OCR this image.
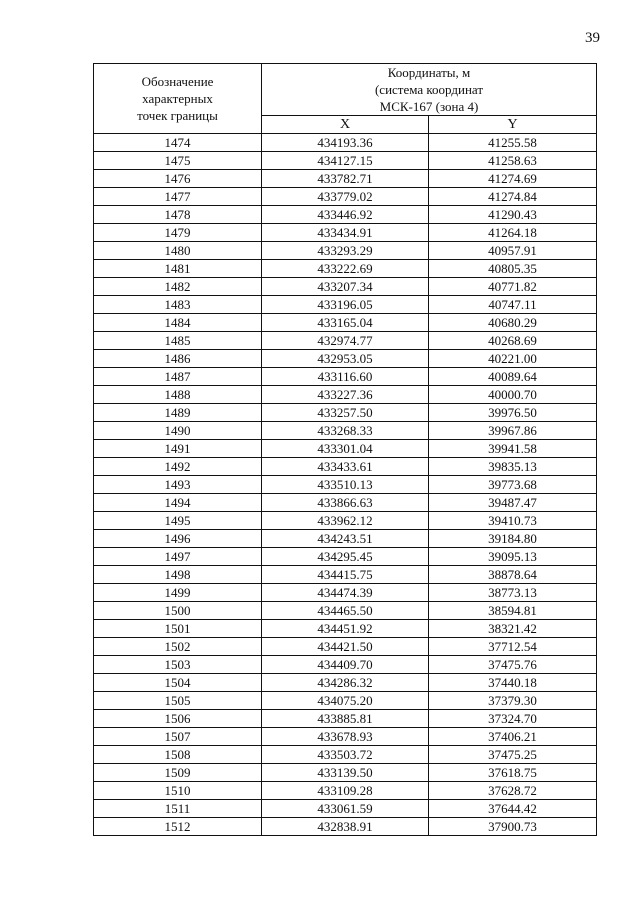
39
Обозначение
характерных
точек границы	Координаты, м
(система координат
МСК-167 (зона 4)	

	X	Y
1474	434193.36	41255.58
1475	434127.15	41258.63
1476	433782.71	41274.69
1477	433779.02	41274.84
1478	433446.92	41290.43
1479	433434.91	41264.18
1480	433293.29	40957.91
1481	433222.69	40805.35
1482	433207.34	40771.82
1483	433196.05	40747.11
1484	433165.04	40680.29
1485	432974.77	40268.69
1486	432953.05	40221.00
1487	433116.60	40089.64
1488	433227.36	40000.70
1489	433257.50	39976.50
1490	433268.33	39967.86
1491	433301.04	39941.58
1492	433433.61	39835.13
1493	433510.13	39773.68
1494	433866.63	39487.47
1495	433962.12	39410.73
1496	434243.51	39184.80
1497	434295.45	39095.13
1498	434415.75	38878.64
1499	434474.39	38773.13
1500	434465.50	38594.81
1501	434451.92	38321.42
1502	434421.50	37712.54
1503	434409.70	37475.76
1504	434286.32	37440.18
1505	434075.20	37379.30
1506	433885.81	37324.70
1507	433678.93	37406.21
1508	433503.72	37475.25
1509	433139.50	37618.75
1510	433109.28	37628.72
1511	433061.59	37644.42
1512	432838.91	37900.73
